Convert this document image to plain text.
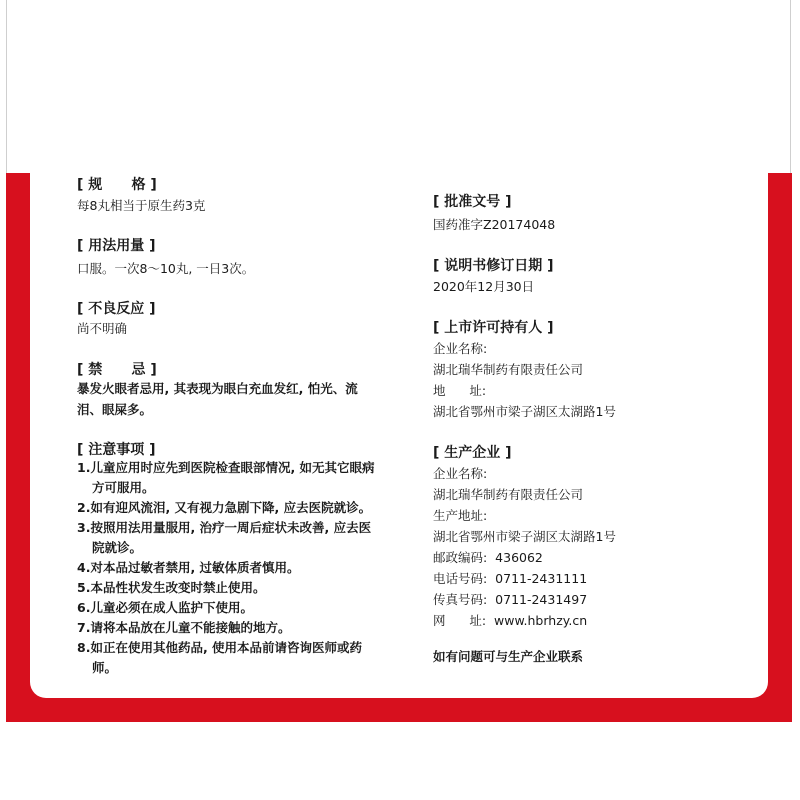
[ 规      格 ]
每8丸相当于原生药3克
[ 用法用量 ]
口服。一次8～10丸, 一日3次。
[ 不良反应 ]
尚不明确
[ 禁      忌 ]
暴发火眼者忌用, 其表现为眼白充血发红, 怕光、流
泪、眼屎多。
[ 注意事项 ]
1.儿童应用时应先到医院检查眼部情况, 如无其它眼病方可服用。
2.如有迎风流泪, 又有视力急剧下降, 应去医院就诊。
3.按照用法用量服用, 治疗一周后症状未改善, 应去医院就诊。
4.对本品过敏者禁用, 过敏体质者慎用。
5.本品性状发生改变时禁止使用。
6.儿童必须在成人监护下使用。
7.请将本品放在儿童不能接触的地方。
8.如正在使用其他药品, 使用本品前请咨询医师或药师。
[ 批准文号 ]
国药准字Z20174048
[ 说明书修订日期 ]
2020年12月30日
[ 上市许可持有人 ]
企业名称:
湖北瑞华制药有限责任公司
地      址:
湖北省鄂州市梁子湖区太湖路1号
[ 生产企业 ]
企业名称:
湖北瑞华制药有限责任公司
生产地址:
湖北省鄂州市梁子湖区太湖路1号
邮政编码:  436062
电话号码:  0711-2431111
传真号码:  0711-2431497
网      址:  www.hbrhzy.cn
如有问题可与生产企业联系
